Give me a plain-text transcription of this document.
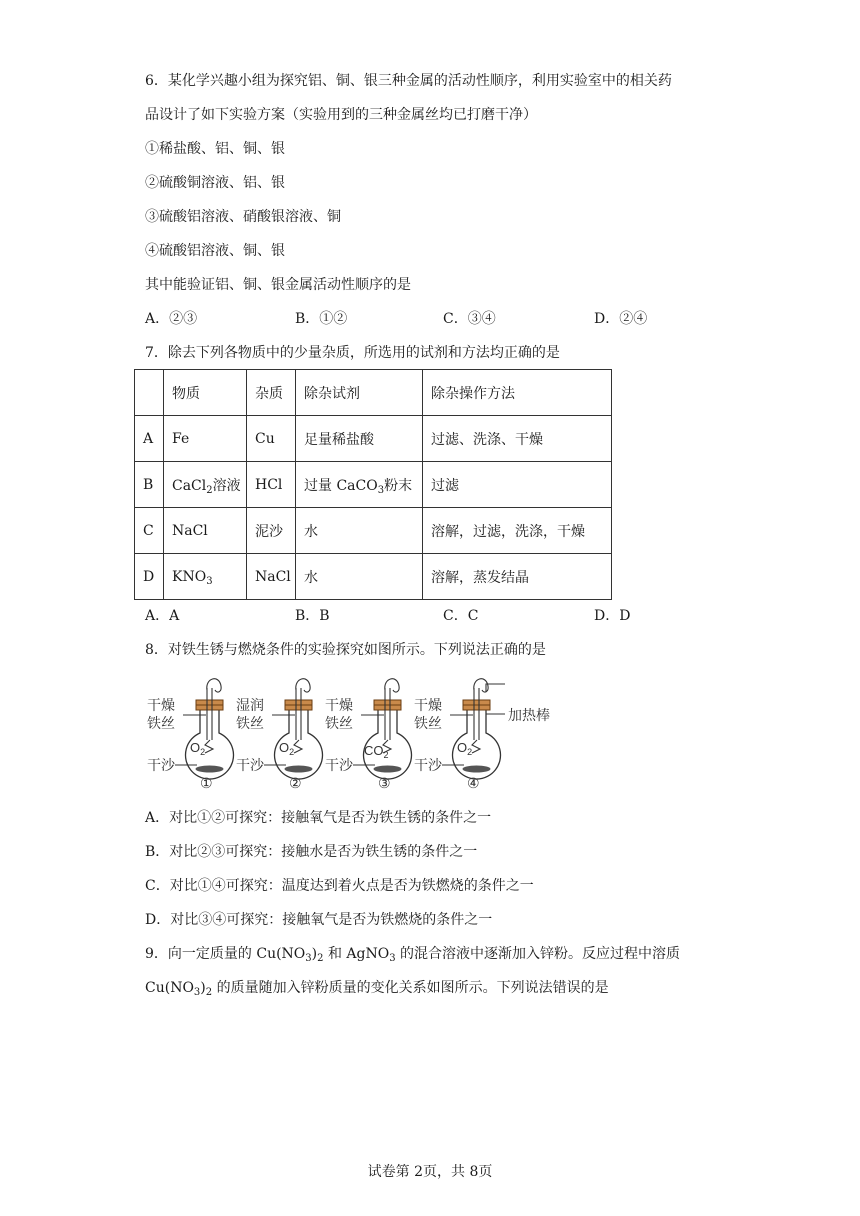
6．某化学兴趣小组为探究铝、铜、银三种金属的活动性顺序，利用实验室中的相关药
品设计了如下实验方案（实验用到的三种金属丝均已打磨干净）
①稀盐酸、铝、铜、银
②硫酸铜溶液、铝、银
③硫酸铝溶液、硝酸银溶液、铜
④硫酸铝溶液、铜、银
其中能验证铝、铜、银金属活动性顺序的是
A．②③	B．①②	C．③④	D．②④
7．除去下列各物质中的少量杂质，所选用的试剂和方法均正确的是
	物质	杂质	除杂试剂	除杂操作方法
A	Fe	Cu	足量稀盐酸	过滤、洗涤、干燥
B	CaCl$_2$溶液	HCl	过量 CaCO$_3$粉末	过滤
C	NaCl	泥沙	水	溶解，过滤，洗涤，干燥
D	$KNO_3$	NaCl	水	溶解，蒸发结晶
A．A	B．B	C．C	D．D
8．对铁生锈与燃烧条件的实验探究如图所示。下列说法正确的是
干燥
铁丝
$O_2$
干沙
①
湿润
铁丝
$O_2$
干沙
②
干燥
铁丝
$CO_2$
干沙
③
干燥
铁丝	加热棒
$O_2$
干沙
④
A．对比①②可探究：接触氧气是否为铁生锈的条件之一
B．对比②③可探究：接触水是否为铁生锈的条件之一
C．对比①④可探究：温度达到着火点是否为铁燃烧的条件之一
D．对比③④可探究：接触氧气是否为铁燃烧的条件之一
9．向一定质量的 $Cu(NO_3)_2$ 和 AgNO$_3$ 的混合溶液中逐渐加入锌粉。反应过程中溶质
$Cu(NO_3)_2$ 的质量随加入锌粉质量的变化关系如图所示。下列说法错误的是
试卷第 2页，共 8页
